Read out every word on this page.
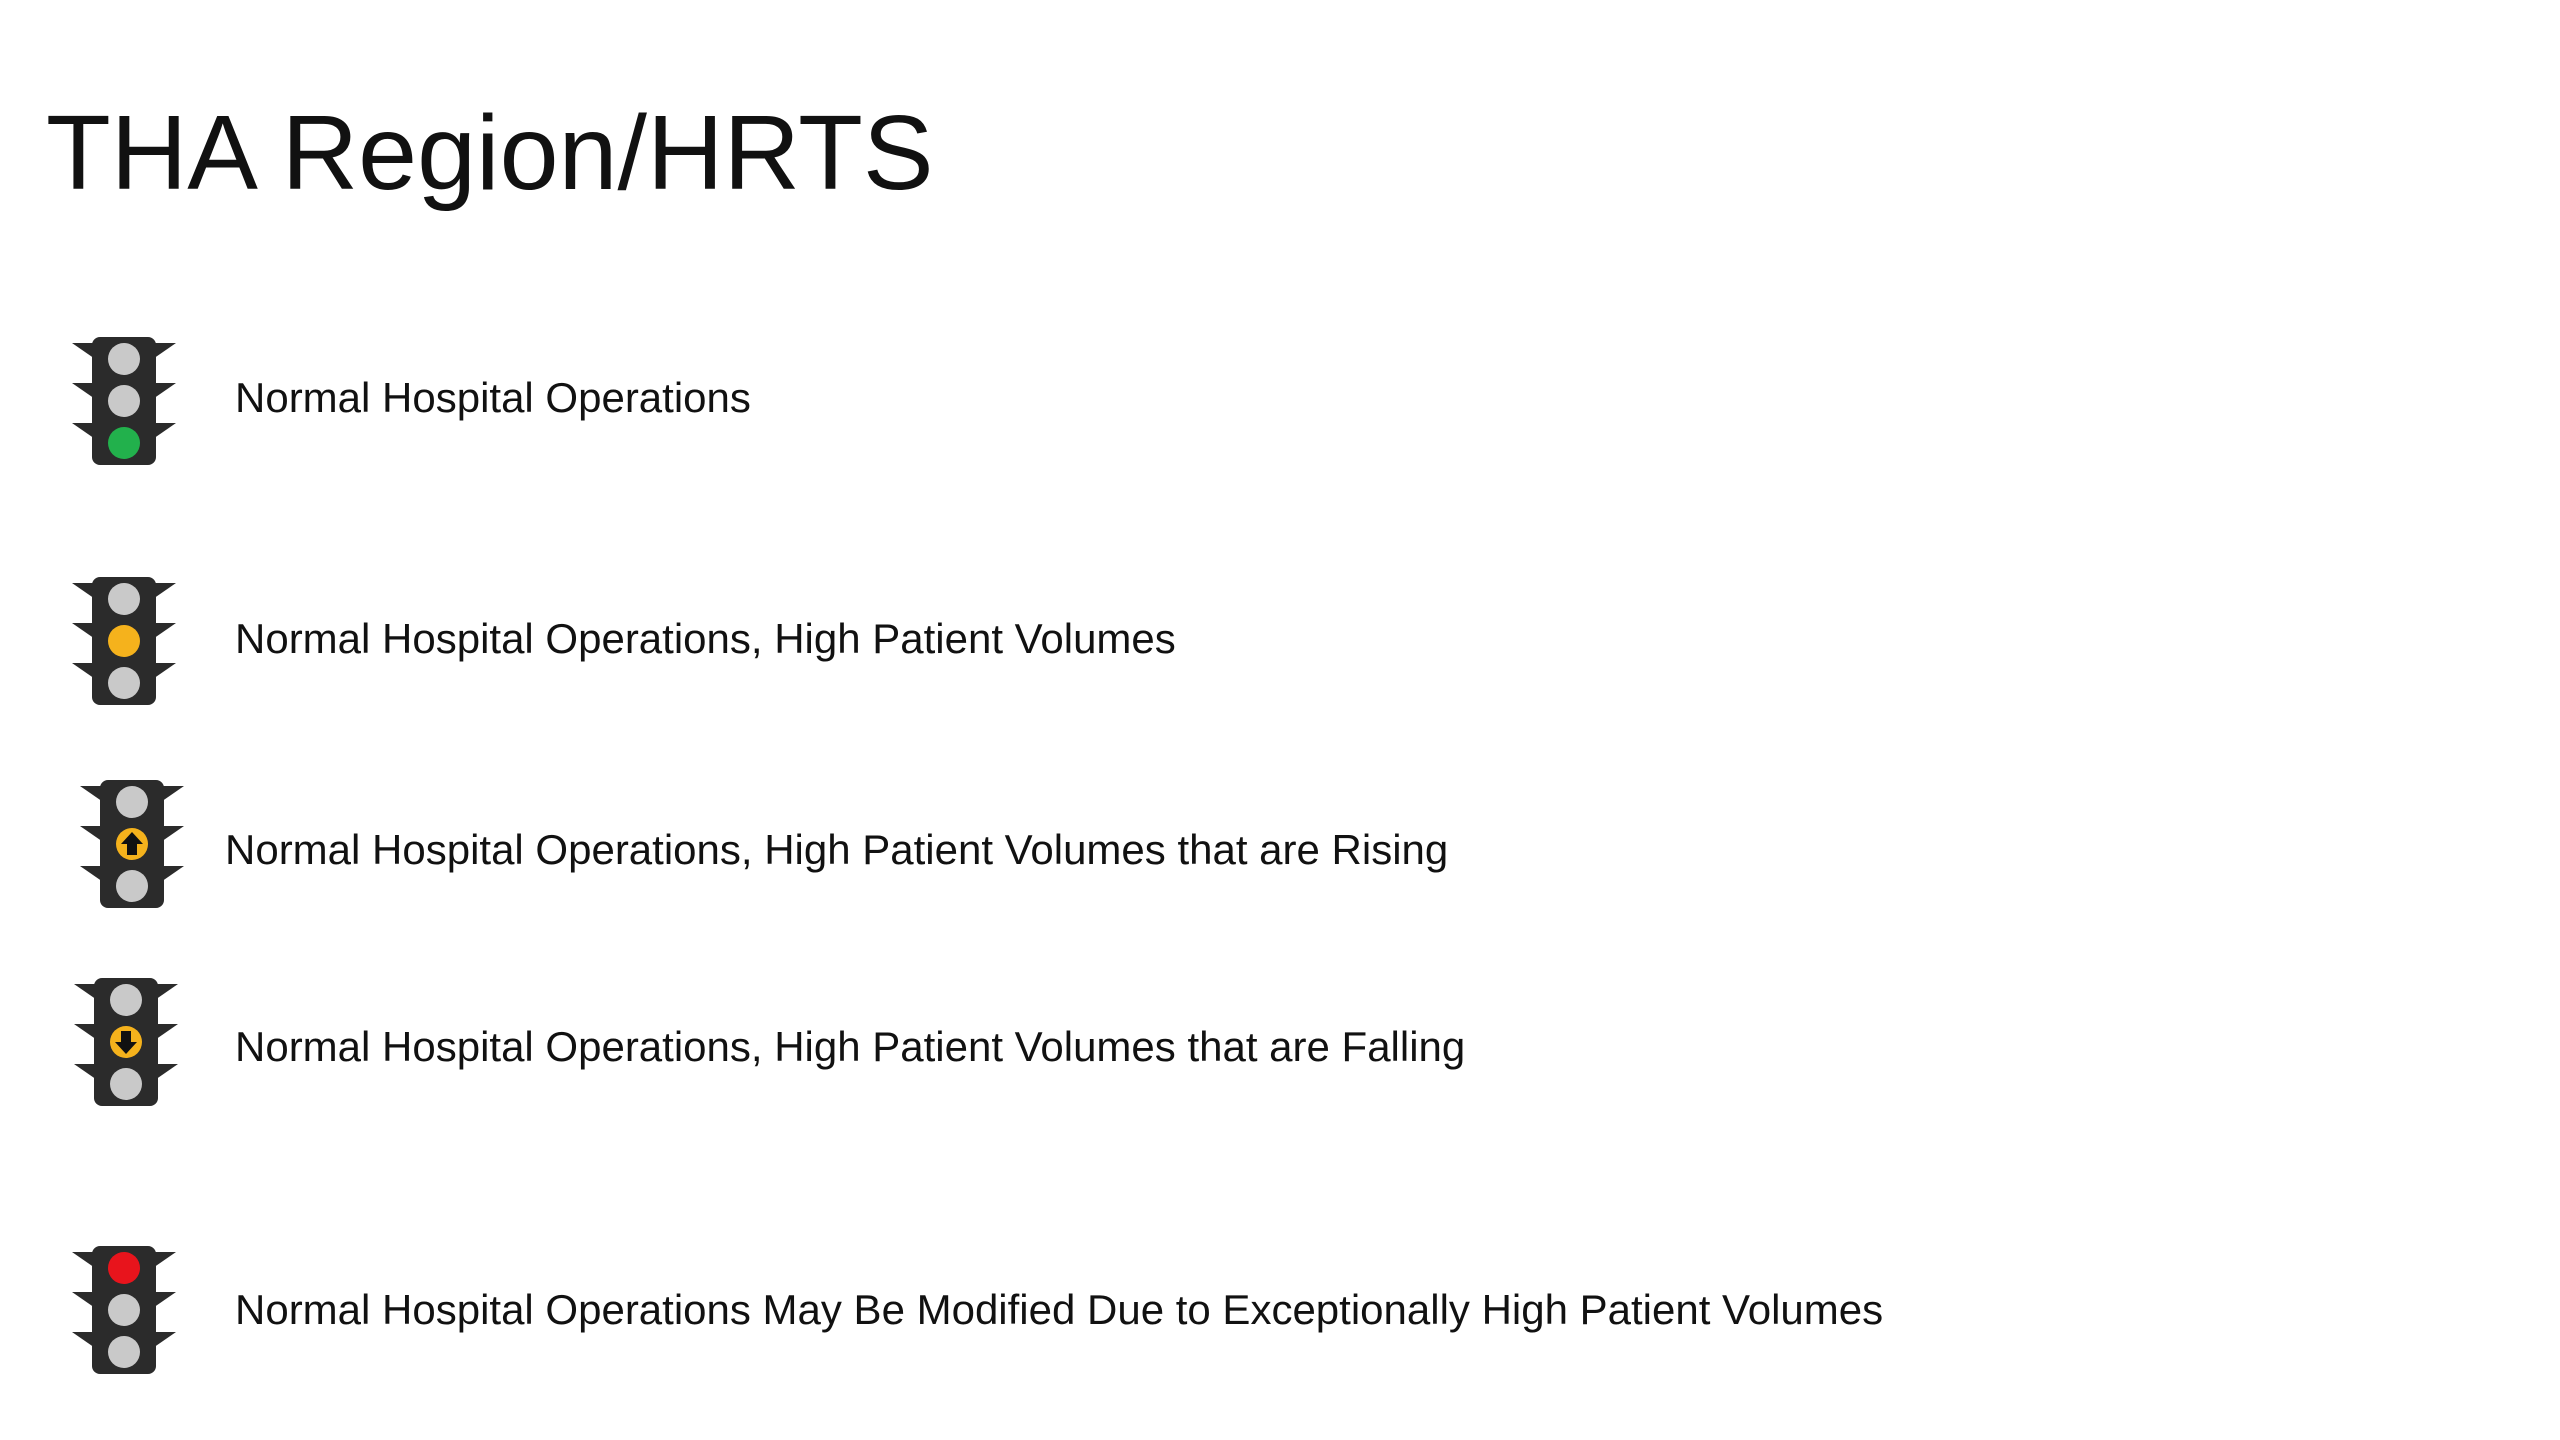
THA Region/HRTS
Normal Hospital Operations
Normal Hospital Operations, High Patient Volumes
Normal Hospital Operations, High Patient Volumes that are Rising
Normal Hospital Operations, High Patient Volumes that are Falling
Normal Hospital Operations May Be Modified Due to Exceptionally High Patient Volumes
